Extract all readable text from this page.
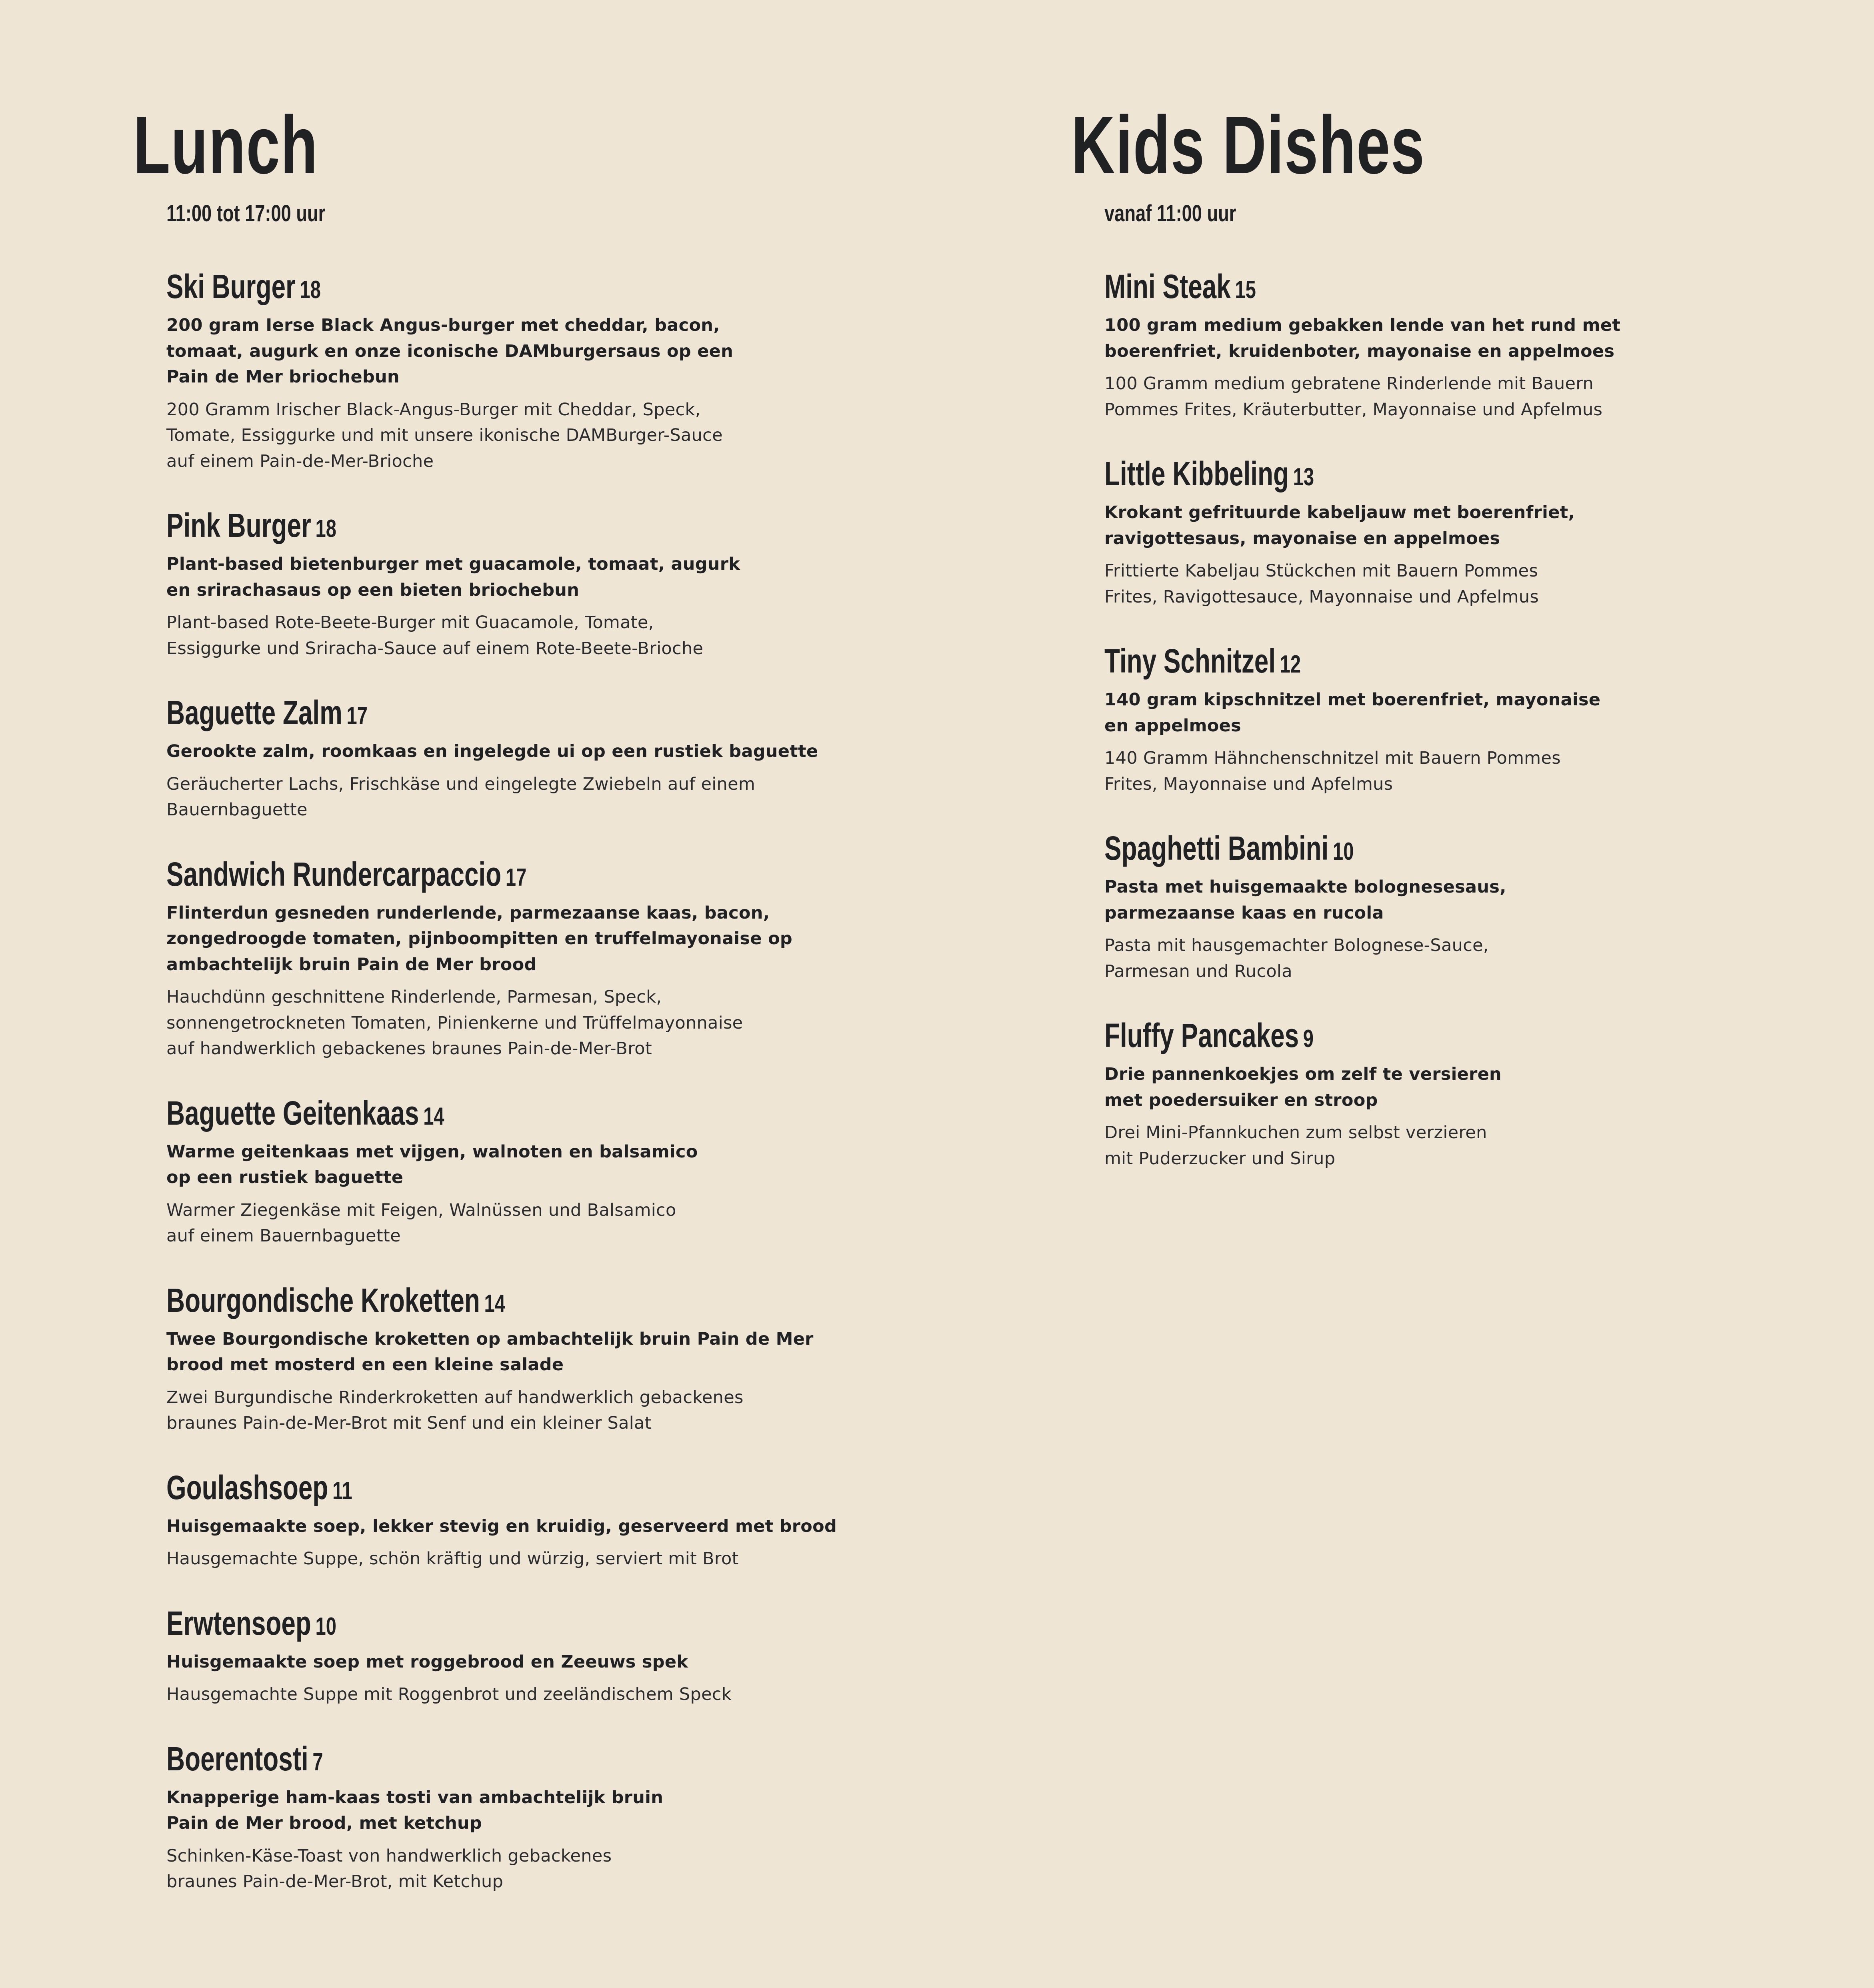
Lunch
11:00 tot 17:00 uur
Ski Burger 18

200 gram Ierse Black Angus-burger met cheddar, bacon,
tomaat, augurk en onze iconische DAMburgersaus op een
Pain de Mer briochebun

200 Gramm Irischer Black-Angus-Burger mit Cheddar, Speck,
Tomate, Essiggurke und mit unsere ikonische DAMBurger-Sauce
auf einem Pain-de-Mer-Brioche

Pink Burger 18

Plant-based bietenburger met guacamole, tomaat, augurk
en srirachasaus op een bieten briochebun

Plant-based Rote-Beete-Burger mit Guacamole, Tomate,
Essiggurke und Sriracha-Sauce auf einem Rote-Beete-Brioche

Baguette Zalm 17

Gerookte zalm, roomkaas en ingelegde ui op een rustiek baguette

Geräucherter Lachs, Frischkäse und eingelegte Zwiebeln auf einem
Bauernbaguette

Sandwich Rundercarpaccio 17

Flinterdun gesneden runderlende, parmezaanse kaas, bacon,
zongedroogde tomaten, pijnboompitten en truffelmayonaise op
ambachtelijk bruin Pain de Mer brood

Hauchdünn geschnittene Rinderlende, Parmesan, Speck,
sonnengetrockneten Tomaten, Pinienkerne und Trüffelmayonnaise
auf handwerklich gebackenes braunes Pain-de-Mer-Brot

Baguette Geitenkaas 14

Warme geitenkaas met vijgen, walnoten en balsamico
op een rustiek baguette

Warmer Ziegenkäse mit Feigen, Walnüssen und Balsamico
auf einem Bauernbaguette

Bourgondische Kroketten 14

Twee Bourgondische kroketten op ambachtelijk bruin Pain de Mer
brood met mosterd en een kleine salade

Zwei Burgundische Rinderkroketten auf handwerklich gebackenes
braunes Pain-de-Mer-Brot mit Senf und ein kleiner Salat

Goulashsoep 11

Huisgemaakte soep, lekker stevig en kruidig, geserveerd met brood

Hausgemachte Suppe, schön kräftig und würzig, serviert mit Brot

Erwtensoep 10

Huisgemaakte soep met roggebrood en Zeeuws spek

Hausgemachte Suppe mit Roggenbrot und zeeländischem Speck

Boerentosti 7

Knapperige ham-kaas tosti van ambachtelijk bruin
Pain de Mer brood, met ketchup

Schinken-Käse-Toast von handwerklich gebackenes
braunes Pain-de-Mer-Brot, mit Ketchup

Kids Dishes
vanaf 11:00 uur
Mini Steak 15

100 gram medium gebakken lende van het rund met
boerenfriet, kruidenboter, mayonaise en appelmoes

100 Gramm medium gebratene Rinderlende mit Bauern
Pommes Frites, Kräuterbutter, Mayonnaise und Apfelmus

Little Kibbeling 13

Krokant gefrituurde kabeljauw met boerenfriet,
ravigottesaus, mayonaise en appelmoes

Frittierte Kabeljau Stückchen mit Bauern Pommes
Frites, Ravigottesauce, Mayonnaise und Apfelmus

Tiny Schnitzel 12

140 gram kipschnitzel met boerenfriet, mayonaise
en appelmoes

140 Gramm Hähnchenschnitzel mit Bauern Pommes
Frites, Mayonnaise und Apfelmus

Spaghetti Bambini 10

Pasta met huisgemaakte bolognesesaus,
parmezaanse kaas en rucola

Pasta mit hausgemachter Bolognese-Sauce,
Parmesan und Rucola

Fluffy Pancakes 9

Drie pannenkoekjes om zelf te versieren
met poedersuiker en stroop

Drei Mini-Pfannkuchen zum selbst verzieren
mit Puderzucker und Sirup
